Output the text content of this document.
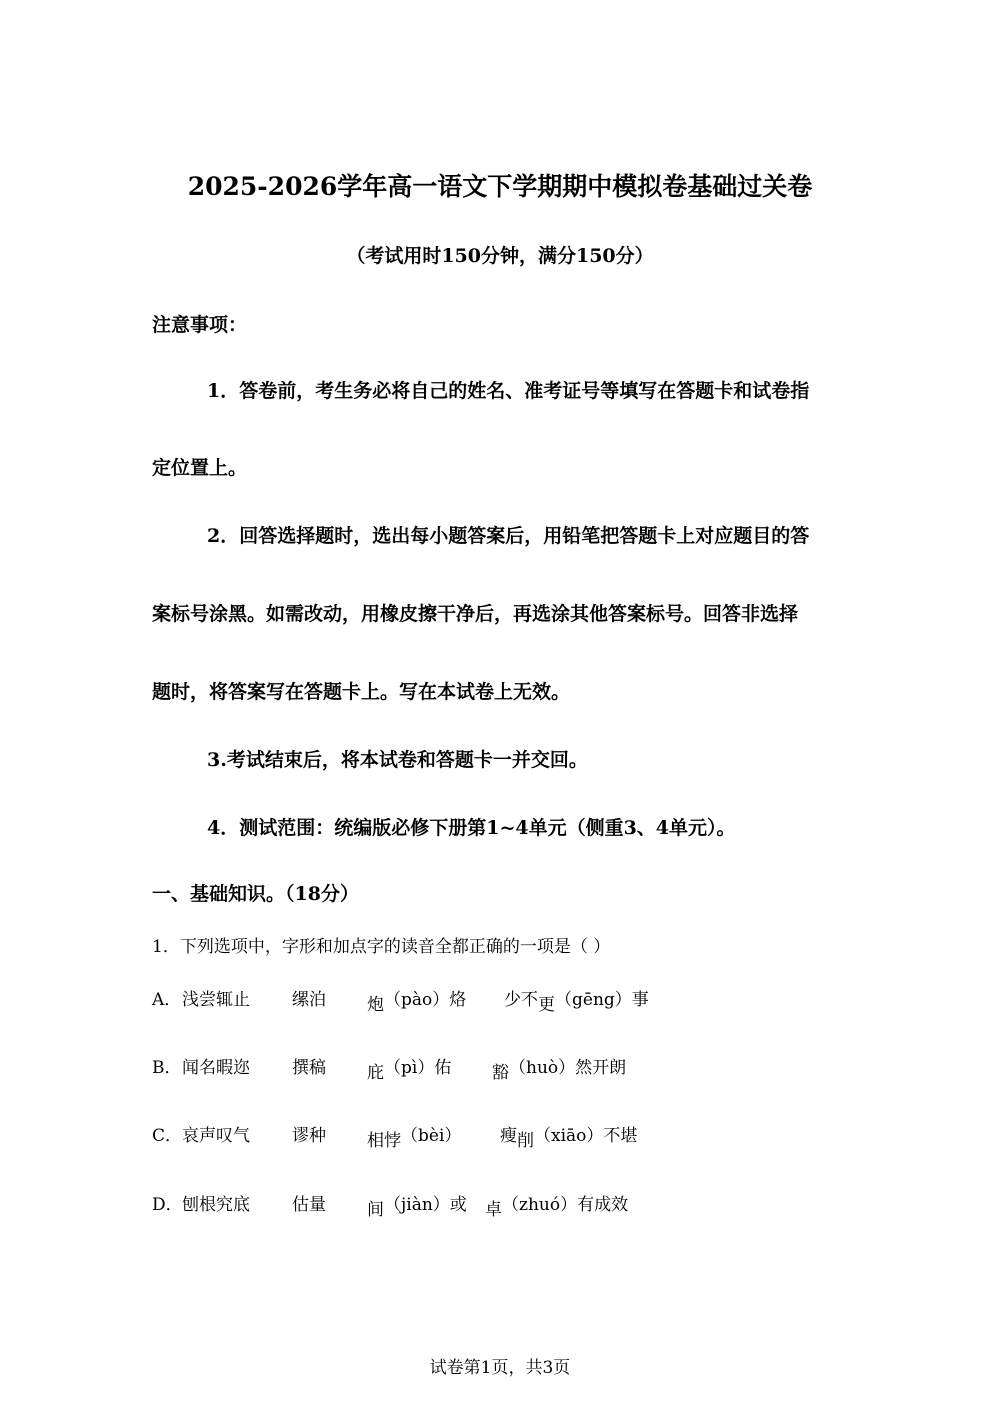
2025-2026学年高一语文下学期期中模拟卷基础过关卷
（考试用时150分钟，满分150分）
注意事项：
1．答卷前，考生务必将自己的姓名、准考证号等填写在答题卡和试卷指
定位置上。
2．回答选择题时，选出每小题答案后，用铅笔把答题卡上对应题目的答
案标号涂黑。如需改动，用橡皮擦干净后，再选涂其他答案标号。回答非选择
题时，将答案写在答题卡上。写在本试卷上无效。
3.考试结束后，将本试卷和答题卡一并交回。
4．测试范围：统编版必修下册第1~4单元（侧重3、4单元）。
一、基础知识。（18分）
1．下列选项中，字形和加点字的读音全都正确的一项是（ ）
A． 浅尝辄止 缧泊 炮（pào）烙 少不更（gēng）事
B． 闻名暇迩 撰稿 庇（pì）佑 豁（huò）然开朗
C． 哀声叹气 谬种 相悖（bèi） 瘦削（xiāo）不堪
D． 刨根究底 估量 间（jiàn）或 卓（zhuó）有成效
试卷第1页，共3页
